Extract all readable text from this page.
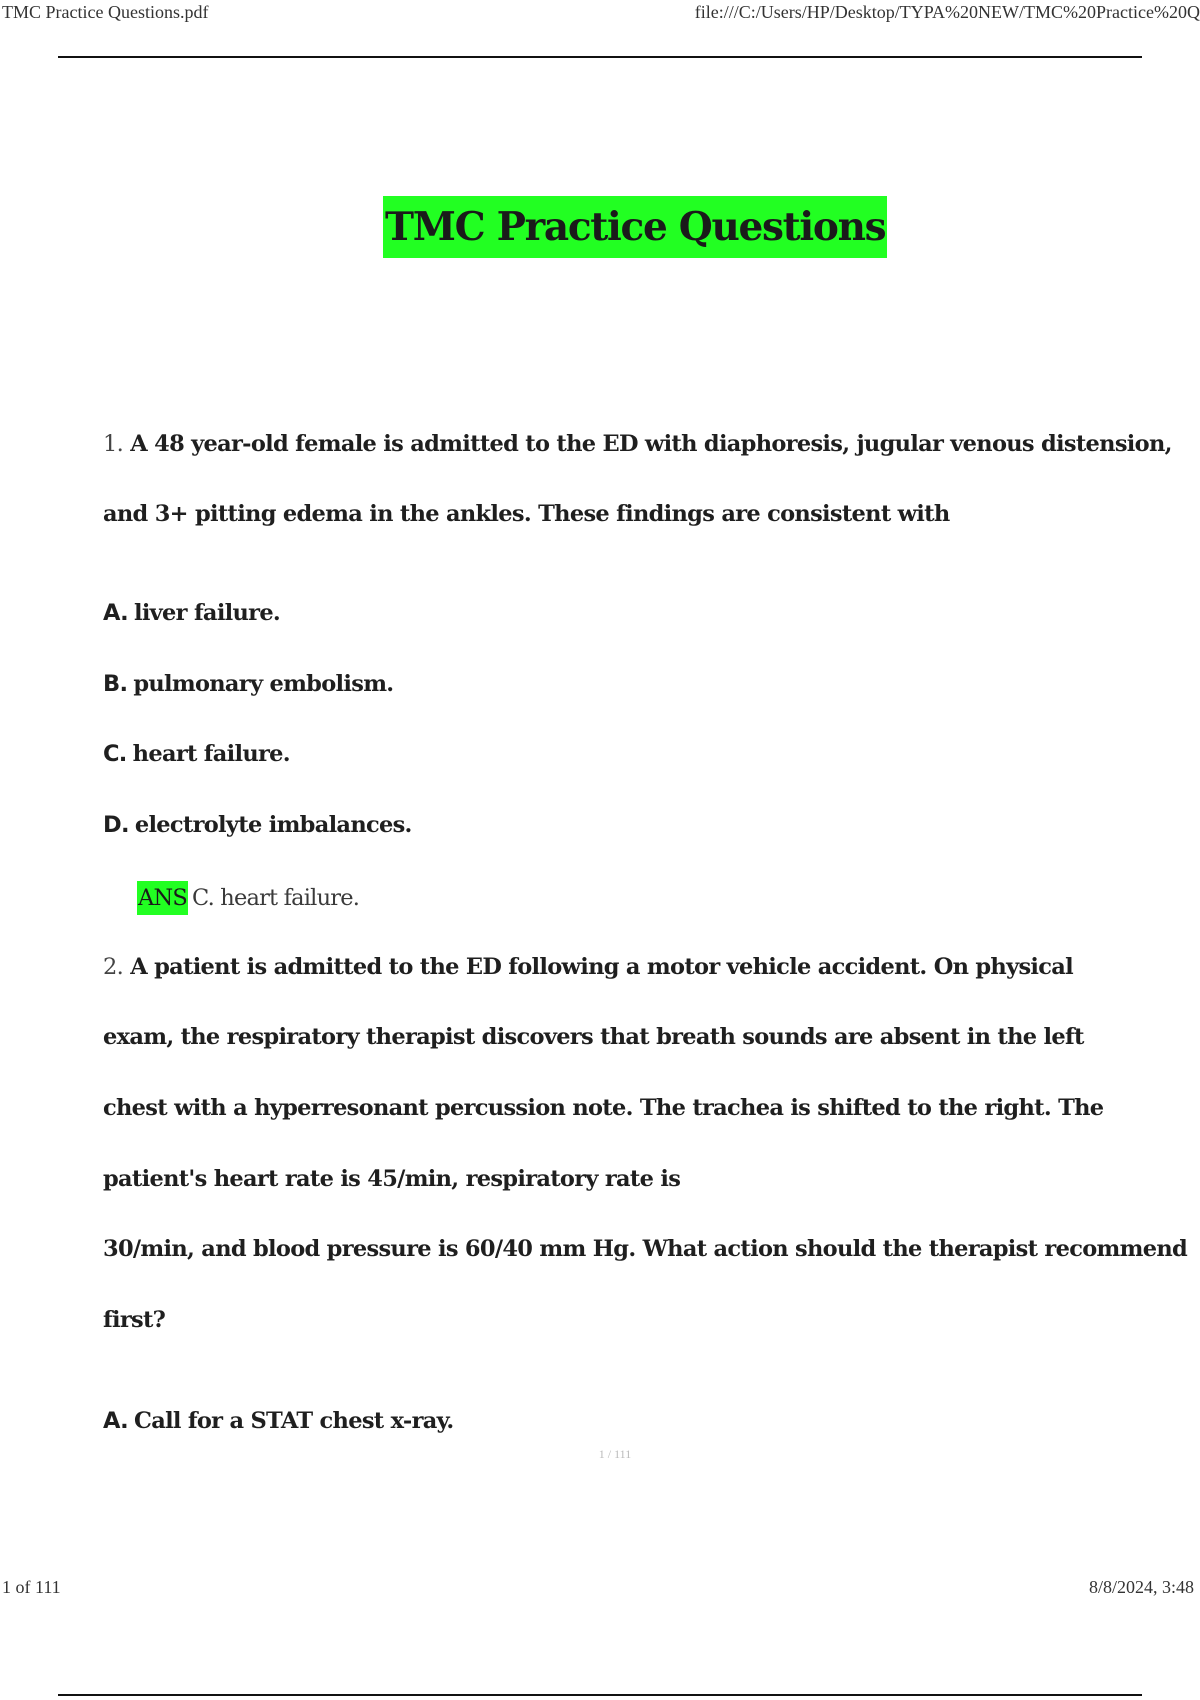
TMC Practice Questions.pdf	file:///C:/Users/HP/Desktop/TYPA%20NEW/TMC%20Practice%20Q
TMC Practice Questions
1. A 48 year-old female is admitted to the ED with diaphoresis, jugular venous distension,
and 3+ pitting edema in the ankles. These findings are consistent with
A. liver failure.
B. pulmonary embolism.
C. heart failure.
D. electrolyte imbalances.
ANS C. heart failure.
2. A patient is admitted to the ED following a motor vehicle accident. On physical
exam, the respiratory therapist discovers that breath sounds are absent in the left
chest with a hyperresonant percussion note. The trachea is shifted to the right. The
patient's heart rate is 45/min, respiratory rate is
30/min, and blood pressure is 60/40 mm Hg. What action should the therapist recommend
first?
A. Call for a STAT chest x-ray.
1 / 111
1 of 111	8/8/2024, 3:48
